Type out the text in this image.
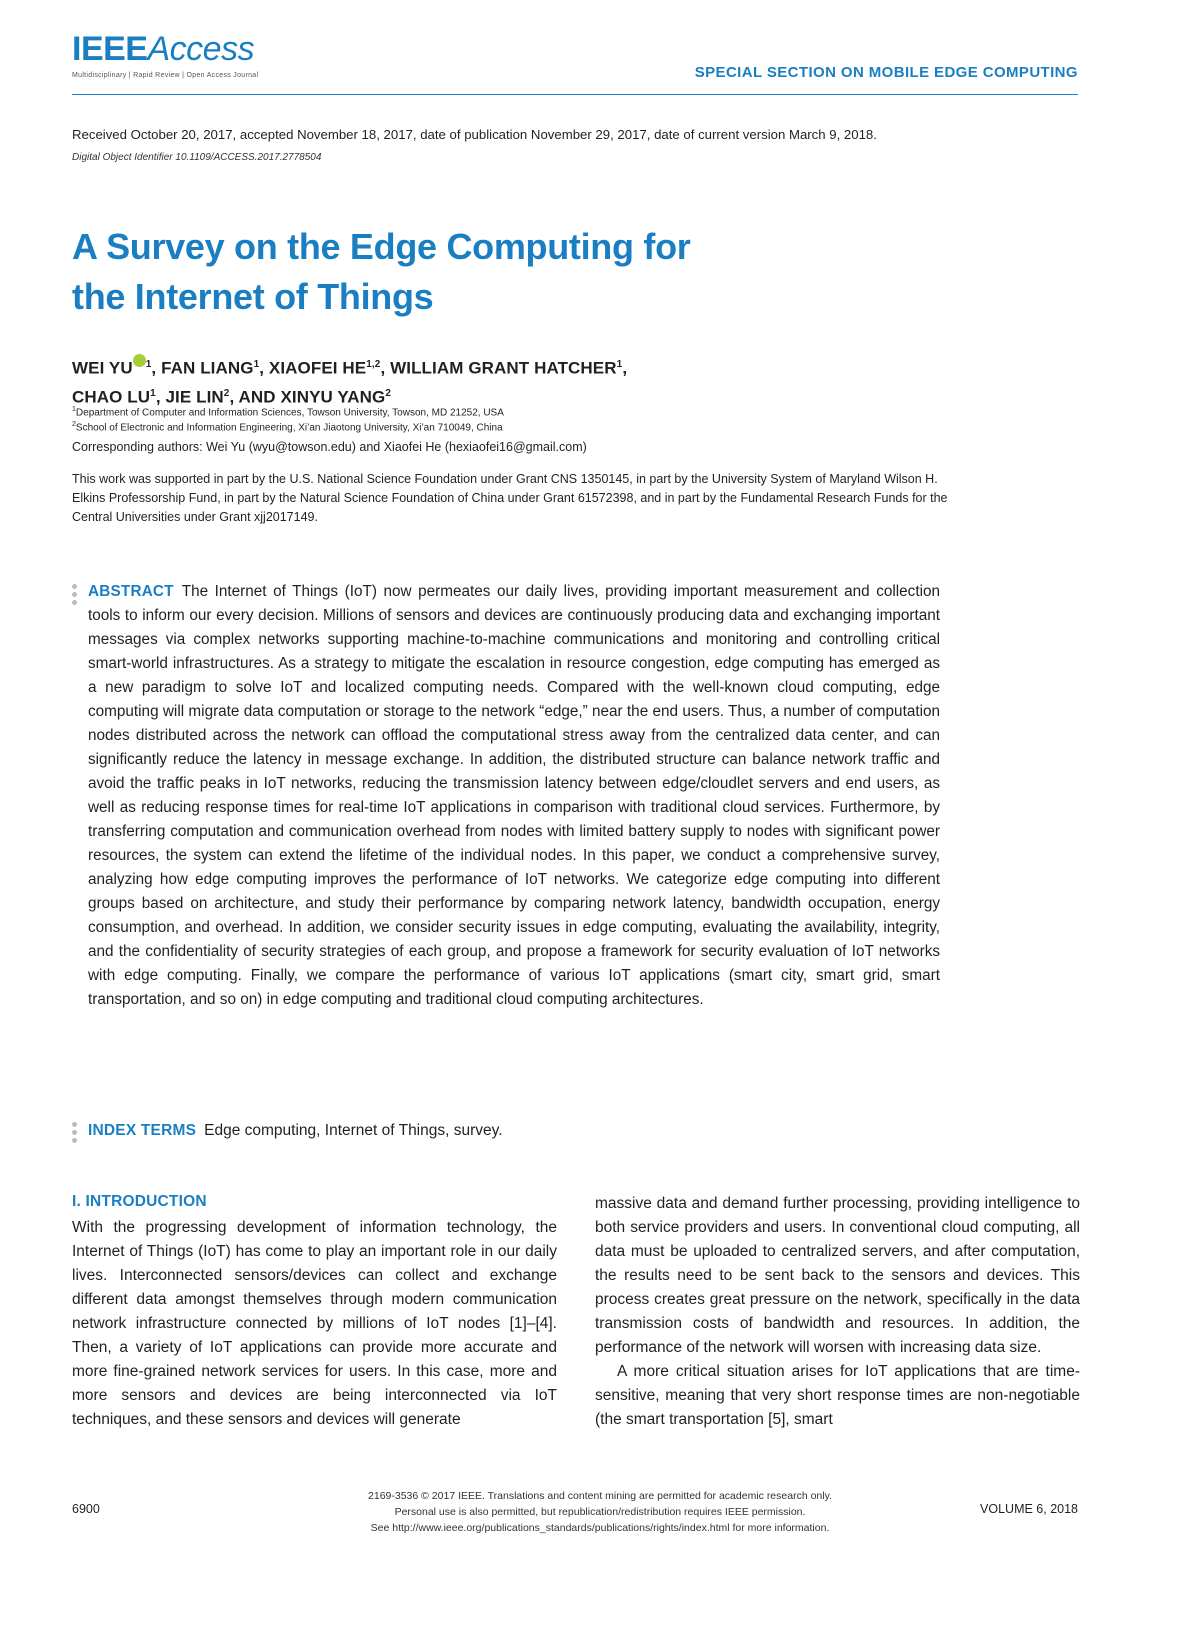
IEEEAccess
Multidisciplinary | Rapid Review | Open Access Journal	SPECIAL SECTION ON MOBILE EDGE COMPUTING
Received October 20, 2017, accepted November 18, 2017, date of publication November 29, 2017, date of current version March 9, 2018.
Digital Object Identifier 10.1109/ACCESS.2017.2778504
A Survey on the Edge Computing for
the Internet of Things
WEI YU $^1$, FAN LIANG$^1$, XIAOFEI HE$^{1,2}$, WILLIAM GRANT HATCHER$^1$,
CHAO $LU^1$, JIE LIN$^2$, AND XINYU YANG$^2$
$^1$Department of Computer and Information Sciences, Towson University, Towson, MD 21252, USA
$^2$School of Electronic and Information Engineering, Xi’an Jiaotong University, Xi’an 710049, China
Corresponding authors: Wei Yu (wyu@towson.edu) and Xiaofei He (hexiaofei16@gmail.com)
This work was supported in part by the U.S. National Science Foundation under Grant CNS 1350145, in part by the University System of Maryland Wilson H. Elkins Professorship Fund, in part by the Natural Science Foundation of China under Grant 61572398, and in part by the Fundamental Research Funds for the Central Universities under Grant xjj2017149.
ABSTRACT The Internet of Things (IoT) now permeates our daily lives, providing important measurement and collection tools to inform our every decision. Millions of sensors and devices are continuously producing data and exchanging important messages via complex networks supporting machine-to-machine communications and monitoring and controlling critical smart-world infrastructures. As a strategy to mitigate the escalation in resource congestion, edge computing has emerged as a new paradigm to solve IoT and localized computing needs. Compared with the well-known cloud computing, edge computing will migrate data computation or storage to the network “edge,” near the end users. Thus, a number of computation nodes distributed across the network can offload the computational stress away from the centralized data center, and can significantly reduce the latency in message exchange. In addition, the distributed structure can balance network traffic and avoid the traffic peaks in IoT networks, reducing the transmission latency between edge/cloudlet servers and end users, as well as reducing response times for real-time IoT applications in comparison with traditional cloud services. Furthermore, by transferring computation and communication overhead from nodes with limited battery supply to nodes with significant power resources, the system can extend the lifetime of the individual nodes. In this paper, we conduct a comprehensive survey, analyzing how edge computing improves the performance of IoT networks. We categorize edge computing into different groups based on architecture, and study their performance by comparing network latency, bandwidth occupation, energy consumption, and overhead. In addition, we consider security issues in edge computing, evaluating the availability, integrity, and the confidentiality of security strategies of each group, and propose a framework for security evaluation of IoT networks with edge computing. Finally, we compare the performance of various IoT applications (smart city, smart grid, smart transportation, and so on) in edge computing and traditional cloud computing architectures.
INDEX TERMS Edge computing, Internet of Things, survey.
I. INTRODUCTION

With the progressing development of information technology, the Internet of Things (IoT) has come to play an important role in our daily lives. Interconnected sensors/devices can collect and exchange different data amongst themselves through modern communication network infrastructure connected by millions of IoT nodes [1]–[4]. Then, a variety of IoT applications can provide more accurate and more fine-grained network services for users. In this case, more and more sensors and devices are being interconnected via IoT techniques, and these sensors and devices will generate

massive data and demand further processing, providing intelligence to both service providers and users. In conventional cloud computing, all data must be uploaded to centralized servers, and after computation, the results need to be sent back to the sensors and devices. This process creates great pressure on the network, specifically in the data transmission costs of bandwidth and resources. In addition, the performance of the network will worsen with increasing data size.

A more critical situation arises for IoT applications that are time-sensitive, meaning that very short response times are non-negotiable (the smart transportation [5], smart

6900
2169-3536 © 2017 IEEE. Translations and content mining are permitted for academic research only.
Personal use is also permitted, but republication/redistribution requires IEEE permission.
See http://www.ieee.org/publications_standards/publications/rights/index.html for more information.
VOLUME 6, 2018
